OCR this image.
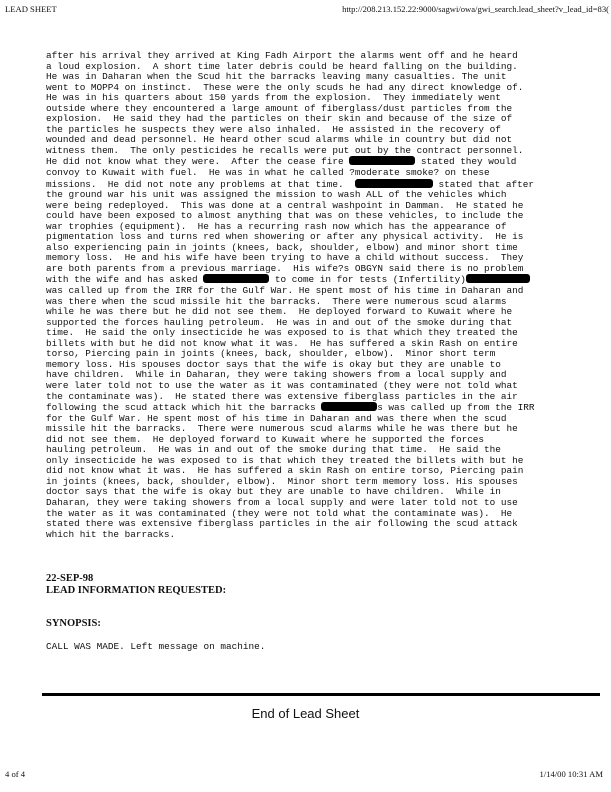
LEAD SHEET	http://208.213.152.22:9000/sagwi/owa/gwi_search.lead_sheet?v_lead_id=83(
after his arrival they arrived at King Fadh Airport the alarms went off and he heard
a loud explosion.  A short time later debris could be heard falling on the building.
He was in Daharan when the Scud hit the barracks leaving many casualties. The unit
went to MOPP4 on instinct.  These were the only scuds he had any direct knowledge of.
He was in his quarters about 150 yards from the explosion.  They immediately went
outside where they encountered a large amount of fiberglass/dust particles from the
explosion.  He said they had the particles on their skin and because of the size of
the particles he suspects they were also inhaled.  He assisted in the recovery of
wounded and dead personnel. He heard other scud alarms while in country but did not
witness them.  The only pesticides he recalls were put out by the contract personnel.
He did not know what they were.  After the cease fire	stated they would
convoy to Kuwait with fuel.  He was in what he called ?moderate smoke? on these
missions.  He did not note any problems at that time.	stated that after
the ground war his unit was assigned the mission to wash ALL of the vehicles which
were being redeployed.  This was done at a central washpoint in Damman.  He stated he
could have been exposed to almost anything that was on these vehicles, to include the
war trophies (equipment).  He has a recurring rash now which has the appearance of
pigmentation loss and turns red when showering or after any physical activity.  He is
also experiencing pain in joints (knees, back, shoulder, elbow) and minor short time
memory loss.  He and his wife have been trying to have a child without success.  They
are both parents from a previous marriage.  His wife?s OBGYN said there is no problem
with the wife and has asked	to come in for tests (Infertility)
was called up from the IRR for the Gulf War. He spent most of his time in Daharan and
was there when the scud missile hit the barracks.  There were numerous scud alarms
while he was there but he did not see them.  He deployed forward to Kuwait where he
supported the forces hauling petroleum.  He was in and out of the smoke during that
time.  He said the only insecticide he was exposed to is that which they treated the
billets with but he did not know what it was.  He has suffered a skin Rash on entire
torso, Piercing pain in joints (knees, back, shoulder, elbow).  Minor short term
memory loss. His spouses doctor says that the wife is okay but they are unable to
have children.  While in Daharan, they were taking showers from a local supply and
were later told not to use the water as it was contaminated (they were not told what
the contaminate was).  He stated there was extensive fiberglass particles in the air
following the scud attack which hit the barracks	s was called up from the IRR
for the Gulf War. He spent most of his time in Daharan and was there when the scud
missile hit the barracks.  There were numerous scud alarms while he was there but he
did not see them.  He deployed forward to Kuwait where he supported the forces
hauling petroleum.  He was in and out of the smoke during that time.  He said the
only insecticide he was exposed to is that which they treated the billets with but he
did not know what it was.  He has suffered a skin Rash on entire torso, Piercing pain
in joints (knees, back, shoulder, elbow).  Minor short term memory loss. His spouses
doctor says that the wife is okay but they are unable to have children.  While in
Daharan, they were taking showers from a local supply and were later told not to use
the water as it was contaminated (they were not told what the contaminate was).  He
stated there was extensive fiberglass particles in the air following the scud attack
which hit the barracks.

22-SEP-98
LEAD INFORMATION REQUESTED:
SYNOPSIS:
CALL WAS MADE. Left message on machine.
End of Lead Sheet
4 of 4	1/14/00 10:31 AM
